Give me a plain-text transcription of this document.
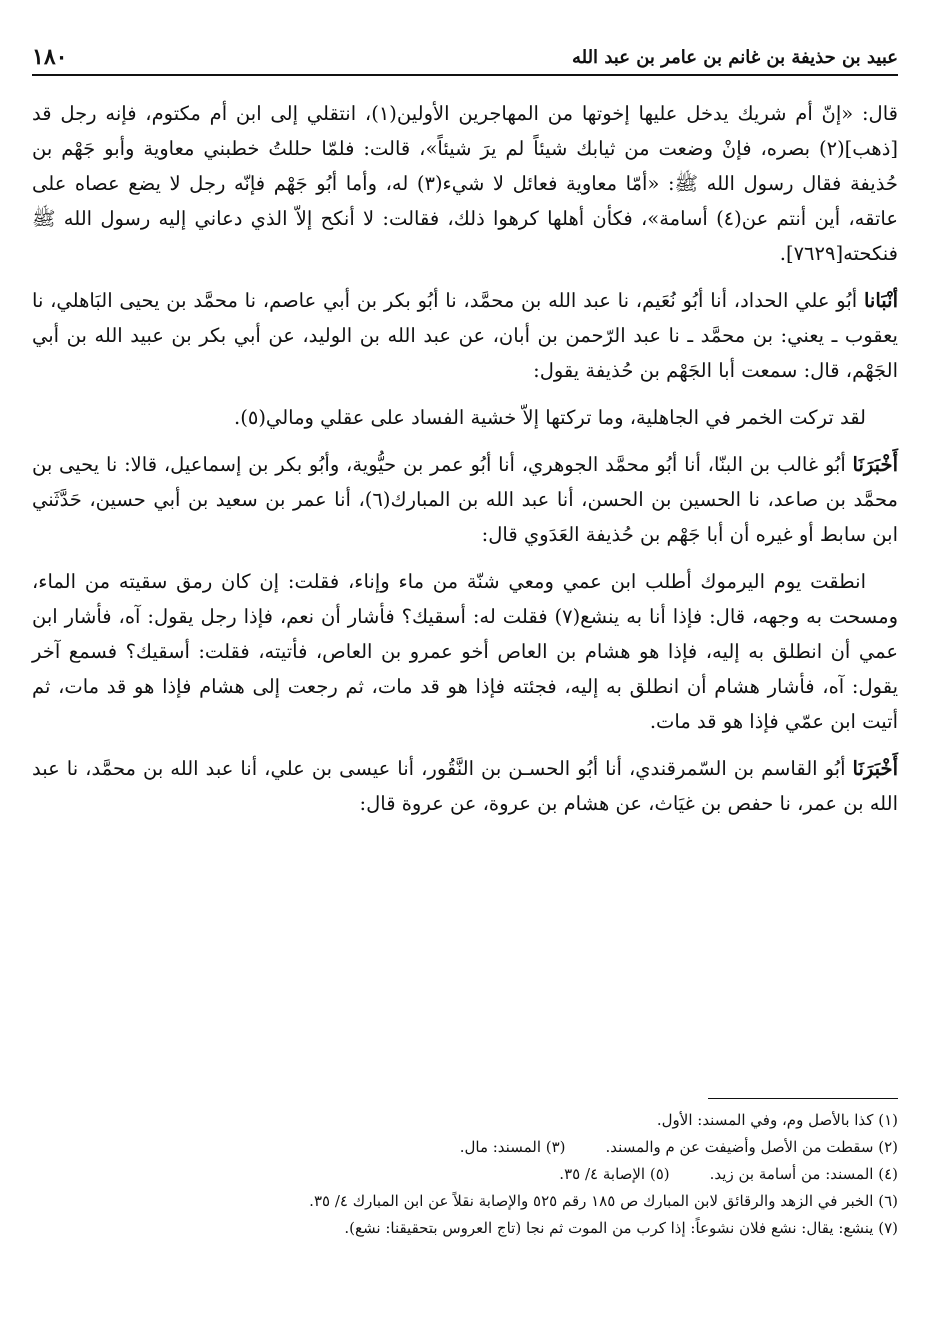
عبيد بن حذيفة بن غانم بن عامر بن عبد الله
١٨٠

قال: «إنّ أم شريك يدخل عليها إخوتها من المهاجرين الأولين(١)، انتقلي إلى ابن أم مكتوم، فإنه رجل قد [ذهب](٢) بصره، فإنْ وضعت من ثيابك شيئاً لم يرَ شيئاً»، قالت: فلمّا حللتُ خطبني معاوية وأبو جَهْم بن حُذيفة فقال رسول الله ﷺ: «أمّا معاوية فعائل لا شيء(٣) له، وأما أبُو جَهْم فإنّه رجل لا يضع عصاه على عاتقه، أين أنتم عن(٤) أسامة»، فكأن أهلها كرهوا ذلك، فقالت: لا أنكح إلاّ الذي دعاني إليه رسول الله ﷺ فنكحته[٧٦٢٩].

أنْبَانا أبُو علي الحداد، أنا أبُو نُعَيم، نا عبد الله بن محمَّد، نا أبُو بكر بن أبي عاصم، نا محمَّد بن يحيى البَاهلي، نا يعقوب ـ يعني: بن محمَّد ـ نا عبد الرّحمن بن أبان، عن عبد الله بن الوليد، عن أبي بكر بن عبيد الله بن أبي الجَهْم، قال: سمعت أبا الجَهْم بن حُذيفة يقول:

لقد تركت الخمر في الجاهلية، وما تركتها إلاّ خشية الفساد على عقلي ومالي(٥).

أَخْبَرَنَا أبُو غالب بن البنّا، أنا أبُو محمَّد الجوهري، أنا أبُو عمر بن حيُّوية، وأبُو بكر بن إسماعيل، قالا: نا يحيى بن محمَّد بن صاعد، نا الحسين بن الحسن، أنا عبد الله بن المبارك(٦)، أنا عمر بن سعيد بن أبي حسين، حَدَّثَني ابن سابط أو غيره أن أبا جَهْم بن حُذيفة العَدَوي قال:

انطقت يوم اليرموك أطلب ابن عمي ومعي شنّة من ماء وإناء، فقلت: إن كان رمق سقيته من الماء، ومسحت به وجهه، قال: فإذا أنا به ينشع(٧) فقلت له: أسقيك؟ فأشار أن نعم، فإذا رجل يقول: آه، فأشار ابن عمي أن انطلق به إليه، فإذا هو هشام بن العاص أخو عمرو بن العاص، فأتيته، فقلت: أسقيك؟ فسمع آخر يقول: آه، فأشار هشام أن انطلق به إليه، فجئته فإذا هو قد مات، ثم رجعت إلى هشام فإذا هو قد مات، ثم أتيت ابن عمّي فإذا هو قد مات.

أَخْبَرَنَا أبُو القاسم بن السّمرقندي، أنا أبُو الحسـن بن النَّقُور، أنا عيسى بن علي، أنا عبد الله بن محمَّد، نا عبد الله بن عمر، نا حفص بن غيَاث، عن هشام بن عروة، عن عروة قال:

(١) كذا بالأصل وم، وفي المسند: الأول.

(٢) سقطت من الأصل وأضيفت عن م والمسند.

(٣) المسند: مال.

(٤) المسند: من أسامة بن زيد.

(٥) الإصابة ٤/ ٣٥.

(٦) الخبر في الزهد والرقائق لابن المبارك ص ١٨٥ رقم ٥٢٥ والإصابة نقلاً عن ابن المبارك ٤/ ٣٥.

(٧) ينشع: يقال: نشع فلان نشوعاً: إذا كرب من الموت ثم نجا (تاج العروس بتحقيقنا: نشع).
